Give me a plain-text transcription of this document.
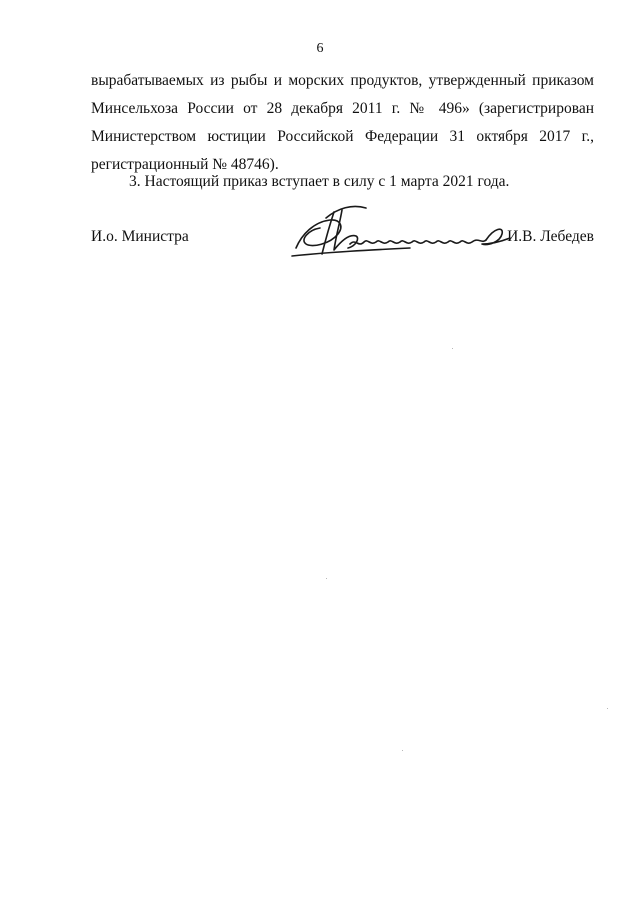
6
вырабатываемых из рыбы и морских продуктов, утвержденный приказом
Минсельхоза России от 28 декабря 2011 г. № 496» (зарегистрирован
Министерством юстиции Российской Федерации 31 октября 2017 г.,
регистрационный № 48746).
3. Настоящий приказ вступает в силу с 1 марта 2021 года.
И.о. Министра	И.В. Лебедев
